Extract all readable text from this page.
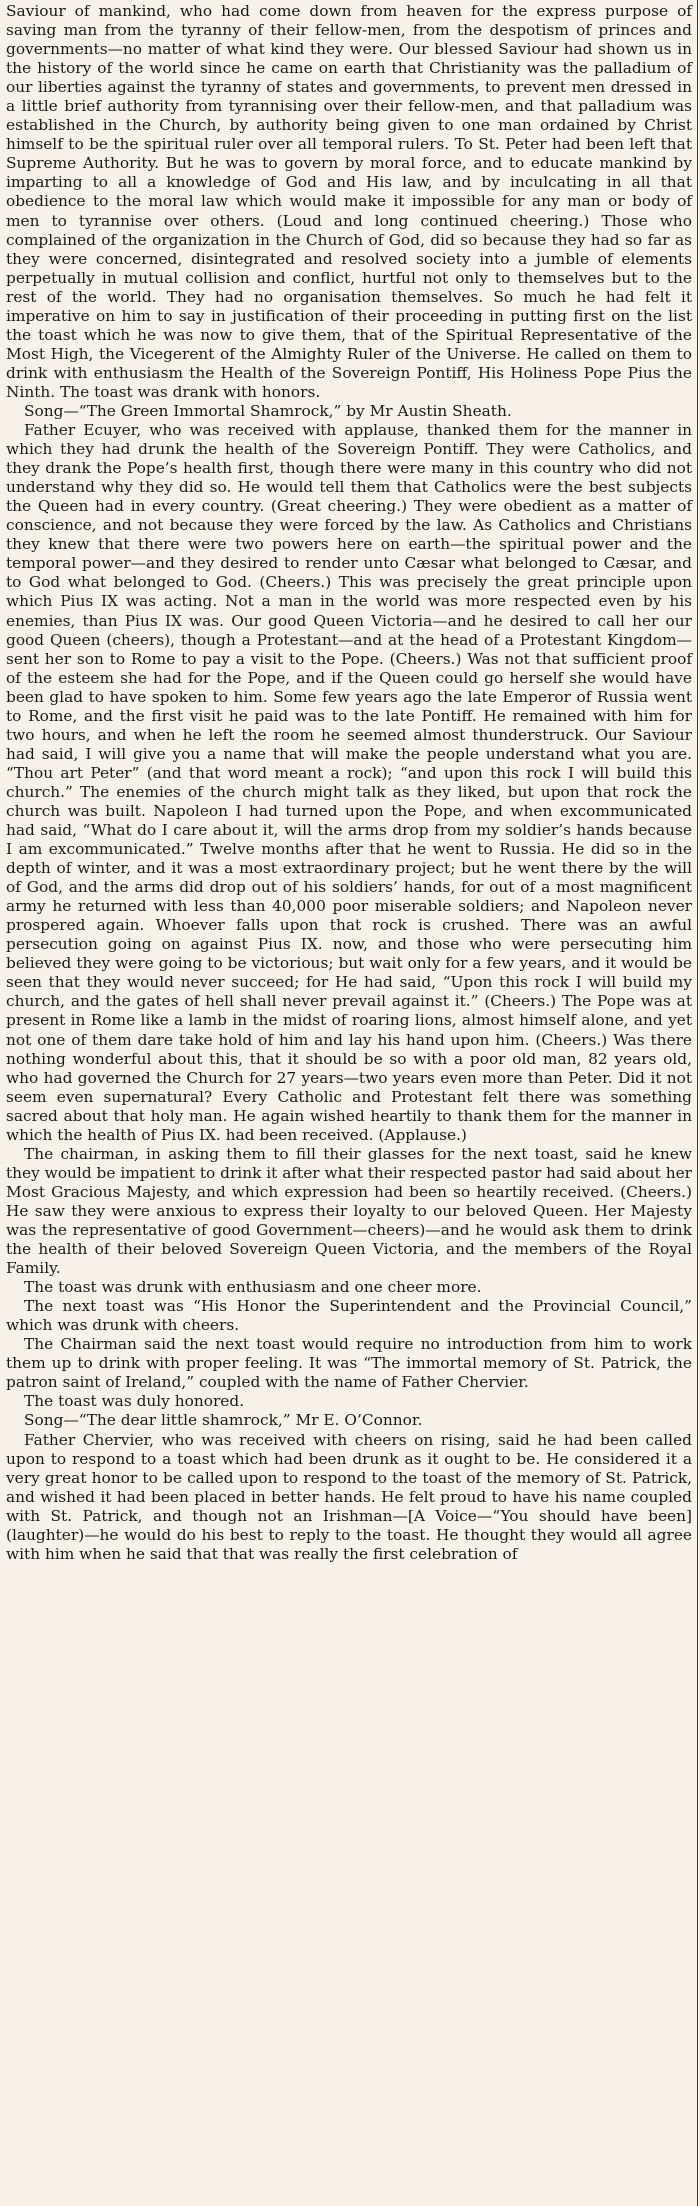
Saviour of mankind, who had come down from heaven for the express purpose of saving man from the tyranny of their fellow-men, from the despotism of princes and governments—no matter of what kind they were. Our blessed Saviour had shown us in the history of the world since he came on earth that Christianity was the palladium of our liberties against the tyranny of states and governments, to prevent men dressed in a little brief authority from tyrannising over their fellow-men, and that palladium was established in the Church, by authority being given to one man ordained by Christ himself to be the spiritual ruler over all temporal rulers. To St. Peter had been left that Supreme Authority. But he was to govern by moral force, and to educate mankind by imparting to all a knowledge of God and His law, and by inculcating in all that obedience to the moral law which would make it impossible for any man or body of men to tyrannise over others. (Loud and long continued cheering.) Those who complained of the organization in the Church of God, did so because they had so far as they were concerned, disintegrated and resolved society into a jumble of elements perpetually in mutual collision and conflict, hurtful not only to themselves but to the rest of the world. They had no organisation themselves. So much he had felt it imperative on him to say in justification of their proceeding in putting first on the list the toast which he was now to give them, that of the Spiritual Representative of the Most High, the Vicegerent of the Almighty Ruler of the Universe. He called on them to drink with enthusiasm the Health of the Sovereign Pontiff, His Holiness Pope Pius the Ninth. The toast was drank with honors.

Song—“The Green Immortal Shamrock,” by Mr Austin Sheath.

Father Ecuyer, who was received with applause, thanked them for the manner in which they had drunk the health of the Sovereign Pontiff. They were Catholics, and they drank the Pope’s health first, though there were many in this country who did not understand why they did so. He would tell them that Catholics were the best subjects the Queen had in every country. (Great cheering.) They were obedient as a matter of conscience, and not because they were forced by the law. As Catholics and Christians they knew that there were two powers here on earth—the spiritual power and the temporal power—and they desired to render unto Cæsar what belonged to Cæsar, and to God what belonged to God. (Cheers.) This was precisely the great principle upon which Pius IX was acting. Not a man in the world was more respected even by his enemies, than Pius IX was. Our good Queen Victoria—and he desired to call her our good Queen (cheers), though a Protestant—and at the head of a Protestant Kingdom—sent her son to Rome to pay a visit to the Pope. (Cheers.) Was not that sufficient proof of the esteem she had for the Pope, and if the Queen could go herself she would have been glad to have spoken to him. Some few years ago the late Emperor of Russia went to Rome, and the first visit he paid was to the late Pontiff. He remained with him for two hours, and when he left the room he seemed almost thunderstruck. Our Saviour had said, I will give you a name that will make the people understand what you are. “Thou art Peter” (and that word meant a rock); “and upon this rock I will build this church.” The enemies of the church might talk as they liked, but upon that rock the church was built. Napoleon I had turned upon the Pope, and when excommunicated had said, “What do I care about it, will the arms drop from my soldier’s hands because I am excommunicated.” Twelve months after that he went to Russia. He did so in the depth of winter, and it was a most extraordinary project; but he went there by the will of God, and the arms did drop out of his soldiers’ hands, for out of a most magnificent army he returned with less than 40,000 poor miserable soldiers; and Napoleon never prospered again. Whoever falls upon that rock is crushed. There was an awful persecution going on against Pius IX. now, and those who were persecuting him believed they were going to be victorious; but wait only for a few years, and it would be seen that they would never succeed; for He had said, “Upon this rock I will build my church, and the gates of hell shall never prevail against it.” (Cheers.) The Pope was at present in Rome like a lamb in the midst of roaring lions, almost himself alone, and yet not one of them dare take hold of him and lay his hand upon him. (Cheers.) Was there nothing wonderful about this, that it should be so with a poor old man, 82 years old, who had governed the Church for 27 years—two years even more than Peter. Did it not seem even supernatural? Every Catholic and Protestant felt there was something sacred about that holy man. He again wished heartily to thank them for the manner in which the health of Pius IX. had been received. (Applause.)

The chairman, in asking them to fill their glasses for the next toast, said he knew they would be impatient to drink it after what their respected pastor had said about her Most Gracious Majesty, and which expression had been so heartily received. (Cheers.) He saw they were anxious to express their loyalty to our beloved Queen. Her Majesty was the representative of good Government—cheers)—and he would ask them to drink the health of their beloved Sovereign Queen Victoria, and the members of the Royal Family.

The toast was drunk with enthusiasm and one cheer more.

The next toast was “His Honor the Superintendent and the Provincial Council,” which was drunk with cheers.

The Chairman said the next toast would require no introduction from him to work them up to drink with proper feeling. It was “The immortal memory of St. Patrick, the patron saint of Ireland,” coupled with the name of Father Chervier.

The toast was duly honored.

Song—“The dear little shamrock,” Mr E. O’Connor.

Father Chervier, who was received with cheers on rising, said he had been called upon to respond to a toast which had been drunk as it ought to be. He considered it a very great honor to be called upon to respond to the toast of the memory of St. Patrick, and wished it had been placed in better hands. He felt proud to have his name coupled with St. Patrick, and though not an Irishman—[A Voice—“You should have been] (laughter)—he would do his best to reply to the toast. He thought they would all agree with him when he said that that was really the first celebration of
